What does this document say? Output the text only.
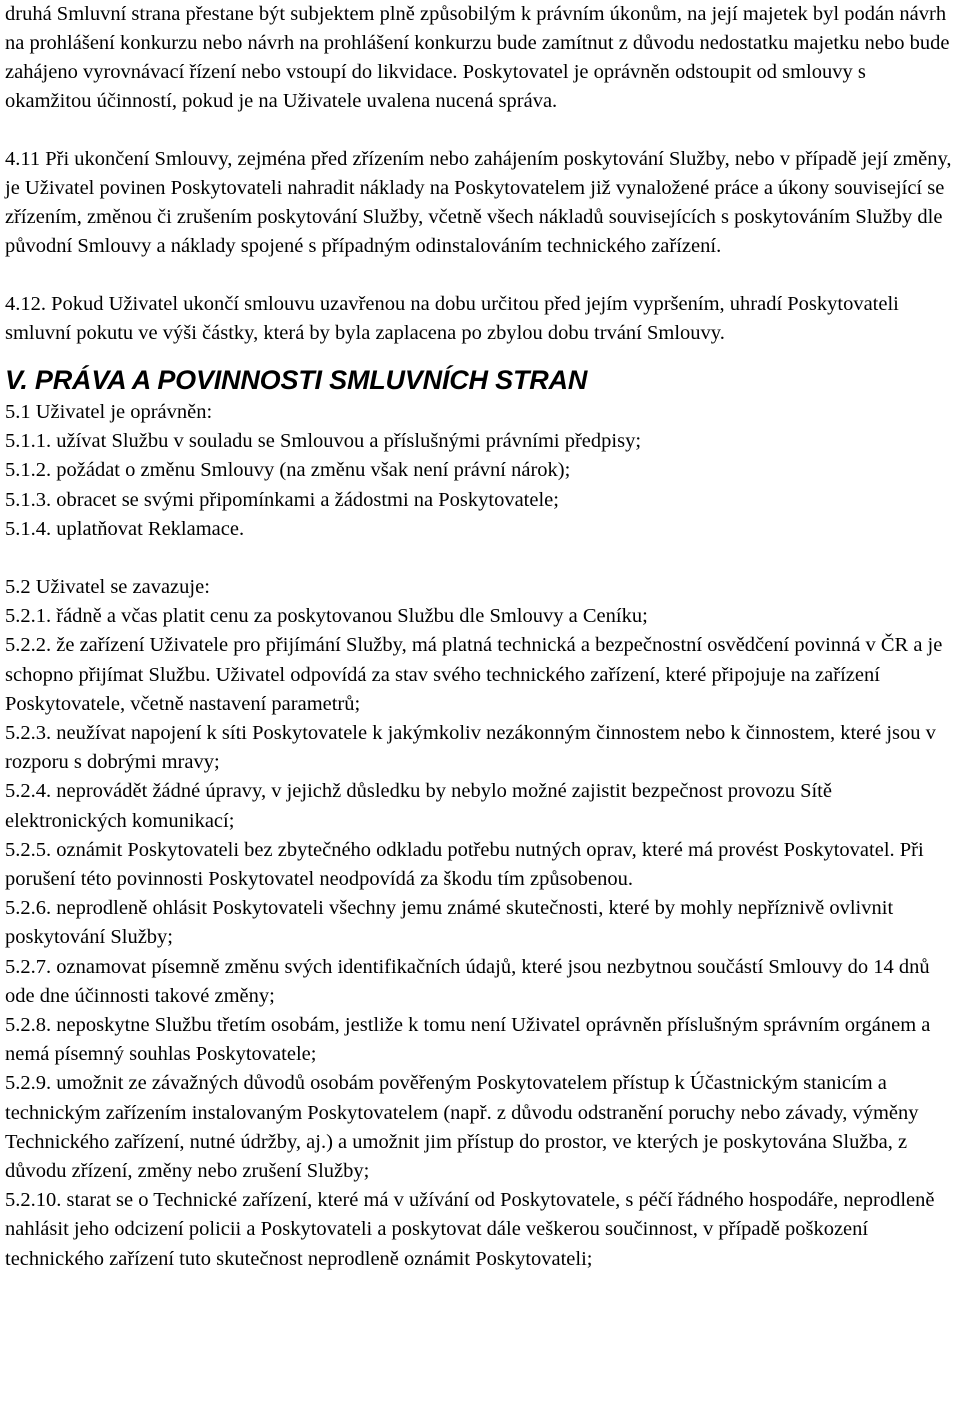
druhá Smluvní strana přestane být subjektem plně způsobilým k právním úkonům, na její majetek byl podán návrh na prohlášení konkurzu nebo návrh na prohlášení konkurzu bude zamítnut z důvodu nedostatku majetku nebo bude zahájeno vyrovnávací řízení nebo vstoupí do likvidace. Poskytovatel je oprávněn odstoupit od smlouvy s okamžitou účinností, pokud je na Uživatele uvalena nucená správa.

4.11 Při ukončení Smlouvy, zejména před zřízením nebo zahájením poskytování Služby, nebo v případě její změny, je Uživatel povinen Poskytovateli nahradit náklady na Poskytovatelem již vynaložené práce a úkony související se zřízením, změnou či zrušením poskytování Služby, včetně všech nákladů souvisejících s poskytováním Služby dle původní Smlouvy a náklady spojené s případným odinstalováním technického zařízení.

4.12. Pokud Uživatel ukončí smlouvu uzavřenou na dobu určitou před jejím vypršením, uhradí Poskytovateli smluvní pokutu ve výši částky, která by byla zaplacena po zbylou dobu trvání Smlouvy.

V. PRÁVA A POVINNOSTI SMLUVNÍCH STRAN

5.1 Uživatel je oprávněn:

5.1.1. užívat Službu v souladu se Smlouvou a příslušnými právními předpisy;

5.1.2. požádat o změnu Smlouvy (na změnu však není právní nárok);

5.1.3. obracet se svými připomínkami a žádostmi na Poskytovatele;

5.1.4. uplatňovat Reklamace.

5.2 Uživatel se zavazuje:

5.2.1. řádně a včas platit cenu za poskytovanou Službu dle Smlouvy a Ceníku;

5.2.2. že zařízení Uživatele pro přijímání Služby, má platná technická a bezpečnostní osvědčení povinná v ČR a je schopno přijímat Službu. Uživatel odpovídá za stav svého technického zařízení, které připojuje na zařízení Poskytovatele, včetně nastavení parametrů;

5.2.3. neužívat napojení k síti Poskytovatele k jakýmkoliv nezákonným činnostem nebo k činnostem, které jsou v rozporu s dobrými mravy;

5.2.4. neprovádět žádné úpravy, v jejichž důsledku by nebylo možné zajistit bezpečnost provozu Sítě elektronických komunikací;

5.2.5. oznámit Poskytovateli bez zbytečného odkladu potřebu nutných oprav, které má provést Poskytovatel. Při porušení této povinnosti Poskytovatel neodpovídá za škodu tím způsobenou.

5.2.6. neprodleně ohlásit Poskytovateli všechny jemu známé skutečnosti, které by mohly nepříznivě ovlivnit poskytování Služby;

5.2.7. oznamovat písemně změnu svých identifikačních údajů, které jsou nezbytnou součástí Smlouvy do 14 dnů ode dne účinnosti takové změny;

5.2.8. neposkytne Službu třetím osobám, jestliže k tomu není Uživatel oprávněn příslušným správním orgánem a nemá písemný souhlas Poskytovatele;

5.2.9. umožnit ze závažných důvodů osobám pověřeným Poskytovatelem přístup k Účastnickým stanicím a technickým zařízením instalovaným Poskytovatelem (např. z důvodu odstranění poruchy nebo závady, výměny Technického zařízení, nutné údržby, aj.) a umožnit jim přístup do prostor, ve kterých je poskytována Služba, z důvodu zřízení, změny nebo zrušení Služby;

5.2.10. starat se o Technické zařízení, které má v užívání od Poskytovatele, s péčí řádného hospodáře, neprodleně nahlásit jeho odcizení policii a Poskytovateli a poskytovat dále veškerou součinnost, v případě poškození technického zařízení tuto skutečnost neprodleně oznámit Poskytovateli;
